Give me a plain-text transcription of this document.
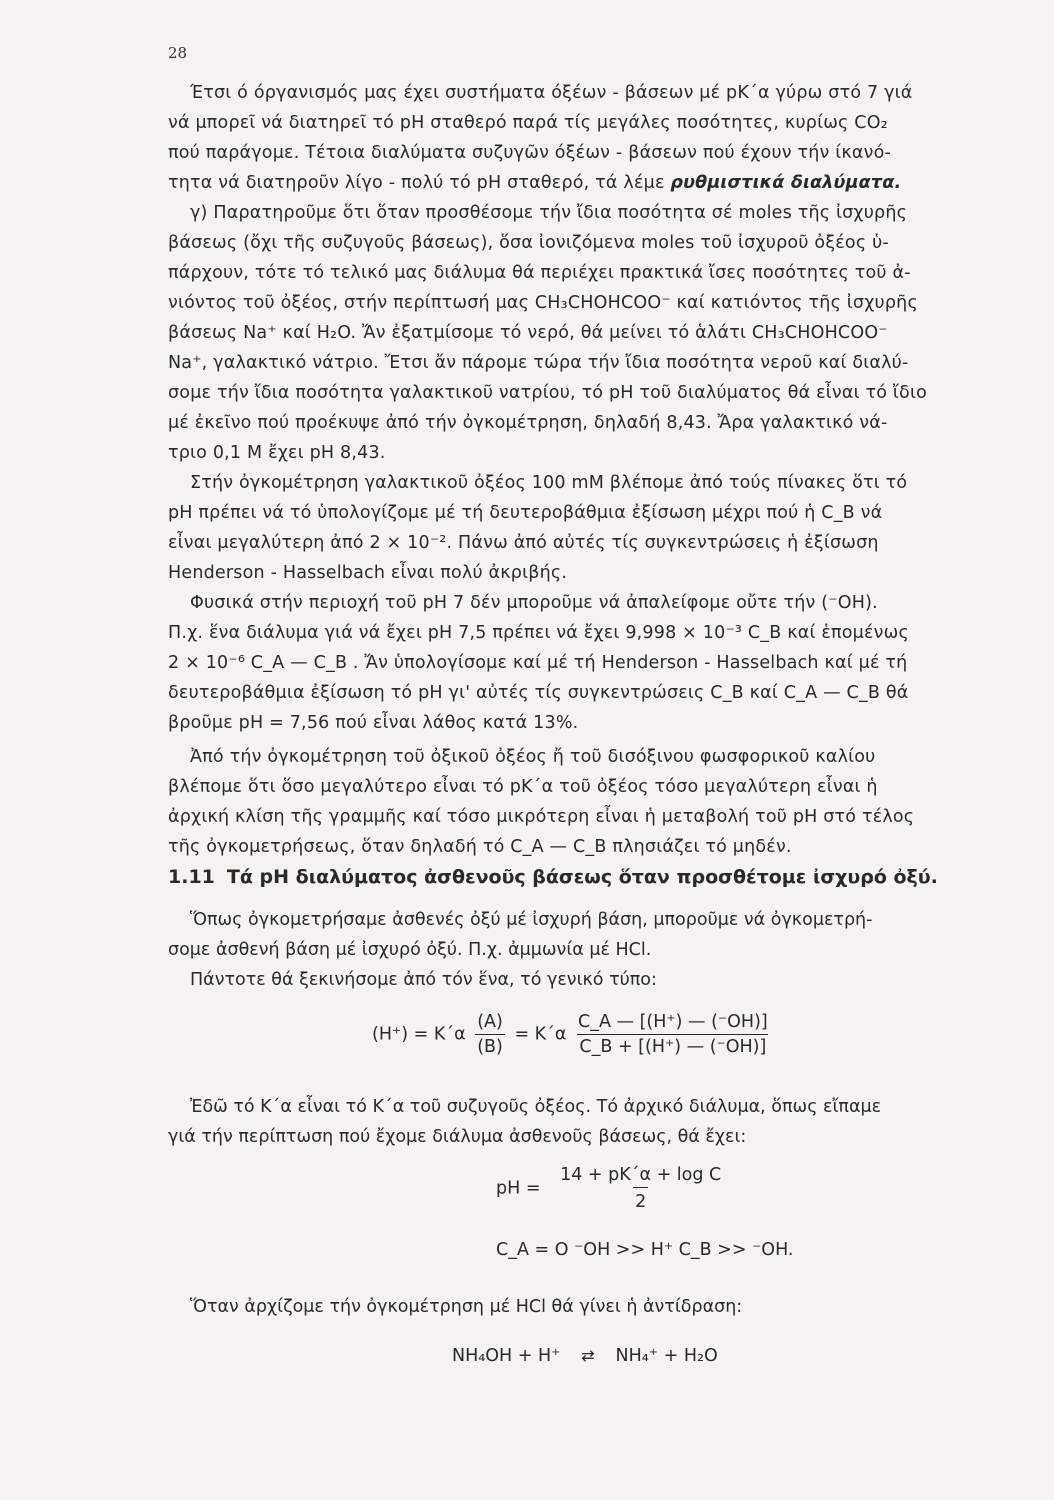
28
Έτσι ό όργανισμός μας έχει συστήματα όξέων - βάσεων μέ pK΄α γύρω στό 7 γιά
νά μπορεῖ νά διατηρεῖ τό pH σταθερό παρά τίς μεγάλες ποσότητες, κυρίως CO₂
πού παράγομε. Τέτοια διαλύματα συζυγῶν όξέων - βάσεων πού έχουν τήν ίκανό-
τητα νά διατηροῦν λίγο - πολύ τό pH σταθερό, τά λέμε ρυθμιστικά διαλύματα.
γ) Παρατηροῦμε ὅτι ὅταν προσθέσομε τήν ἴδια ποσότητα σέ moles τῆς ἰσχυρῆς
βάσεως (ὄχι τῆς συζυγοῦς βάσεως), ὅσα ἰονιζόμενα moles τοῦ ἰσχυροῦ ὀξέος ὑ-
πάρχουν, τότε τό τελικό μας διάλυμα θά περιέχει πρακτικά ἴσες ποσότητες τοῦ ἀ-
νιόντος τοῦ ὀξέος, στήν περίπτωσή μας CH₃CHOHCOO⁻ καί κατιόντος τῆς ἰσχυρῆς
βάσεως Na⁺ καί H₂O. Ἄν ἐξατμίσομε τό νερό, θά μείνει τό ἁλάτι CH₃CHOHCOO⁻
Na⁺, γαλακτικό νάτριο. Ἔτσι ἄν πάρομε τώρα τήν ἴδια ποσότητα νεροῦ καί διαλύ-
σομε τήν ἴδια ποσότητα γαλακτικοῦ νατρίου, τό pH τοῦ διαλύματος θά εἶναι τό ἴδιο
μέ ἐκεῖνο πού προέκυψε ἀπό τήν ὀγκομέτρηση, δηλαδή 8,43. Ἄρα γαλακτικό νά-
τριο 0,1 M ἔχει pH 8,43.
Στήν ὀγκομέτρηση γαλακτικοῦ ὀξέος 100 mM βλέπομε ἀπό τούς πίνακες ὅτι τό
pH πρέπει νά τό ὑπολογίζομε μέ τή δευτεροβάθμια ἐξίσωση μέχρι πού ἡ C_B νά
εἶναι μεγαλύτερη ἀπό 2 × 10⁻². Πάνω ἀπό αὐτές τίς συγκεντρώσεις ἡ ἐξίσωση
Henderson - Hasselbach εἶναι πολύ ἀκριβής.
Φυσικά στήν περιοχή τοῦ pH 7 δέν μποροῦμε νά ἀπαλείφομε οὔτε τήν (⁻OH).
Π.χ. ἕνα διάλυμα γιά νά ἔχει pH 7,5 πρέπει νά ἔχει 9,998 × 10⁻³ C_B καί ἑπομένως
2 × 10⁻⁶ C_A — C_B . Ἄν ὑπολογίσομε καί μέ τή Henderson - Hasselbach καί μέ τή
δευτεροβάθμια ἐξίσωση τό pH γι' αὐτές τίς συγκεντρώσεις C_B καί C_A — C_B θά
βροῦμε pH = 7,56 πού εἶναι λάθος κατά 13%.
Ἀπό τήν ὀγκομέτρηση τοῦ ὀξικοῦ ὀξέος ἤ τοῦ δισόξινου φωσφορικοῦ καλίου
βλέπομε ὅτι ὅσο μεγαλύτερο εἶναι τό pK΄α τοῦ ὀξέος τόσο μεγαλύτερη εἶναι ἡ
ἀρχική κλίση τῆς γραμμῆς καί τόσο μικρότερη εἶναι ἡ μεταβολή τοῦ pH στό τέλος
τῆς ὀγκομετρήσεως, ὅταν δηλαδή τό C_A — C_B πλησιάζει τό μηδέν.
1.11 Τά pH διαλύματος ἀσθενοῦς βάσεως ὅταν προσθέτομε ἰσχυρό ὀξύ.
Ὅπως ὀγκομετρήσαμε ἀσθενές ὀξύ μέ ἰσχυρή βάση, μποροῦμε νά ὀγκομετρή-
σομε ἀσθενή βάση μέ ἰσχυρό ὀξύ. Π.χ. ἀμμωνία μέ HCl.
Πάντοτε θά ξεκινήσομε ἀπό τόν ἕνα, τό γενικό τύπο:
$(H^+) = K΄\alpha \frac{(A)}{(B)} = K΄\alpha \frac{C\_A — [(H^+) — (^-OH)]}{C\_B + [(H^+) — (^-OH)]}$
Ἐδῶ τό K΄α εἶναι τό K΄α τοῦ συζυγοῦς ὀξέος. Τό ἀρχικό διάλυμα, ὅπως εἴπαμε
γιά τήν περίπτωση πού ἔχομε διάλυμα ἀσθενοῦς βάσεως, θά ἔχει:
pH = $\frac{\text{14 + pK΄α + log C}}{2}$
C_A = O ⁻OH >> H⁺ C_B >> ⁻OH.
Ὅταν ἀρχίζομε τήν ὀγκομέτρηση μέ HCl θά γίνει ἡ ἀντίδραση:
NH₄OH + H⁺ ⇄ NH₄⁺ + H₂O
